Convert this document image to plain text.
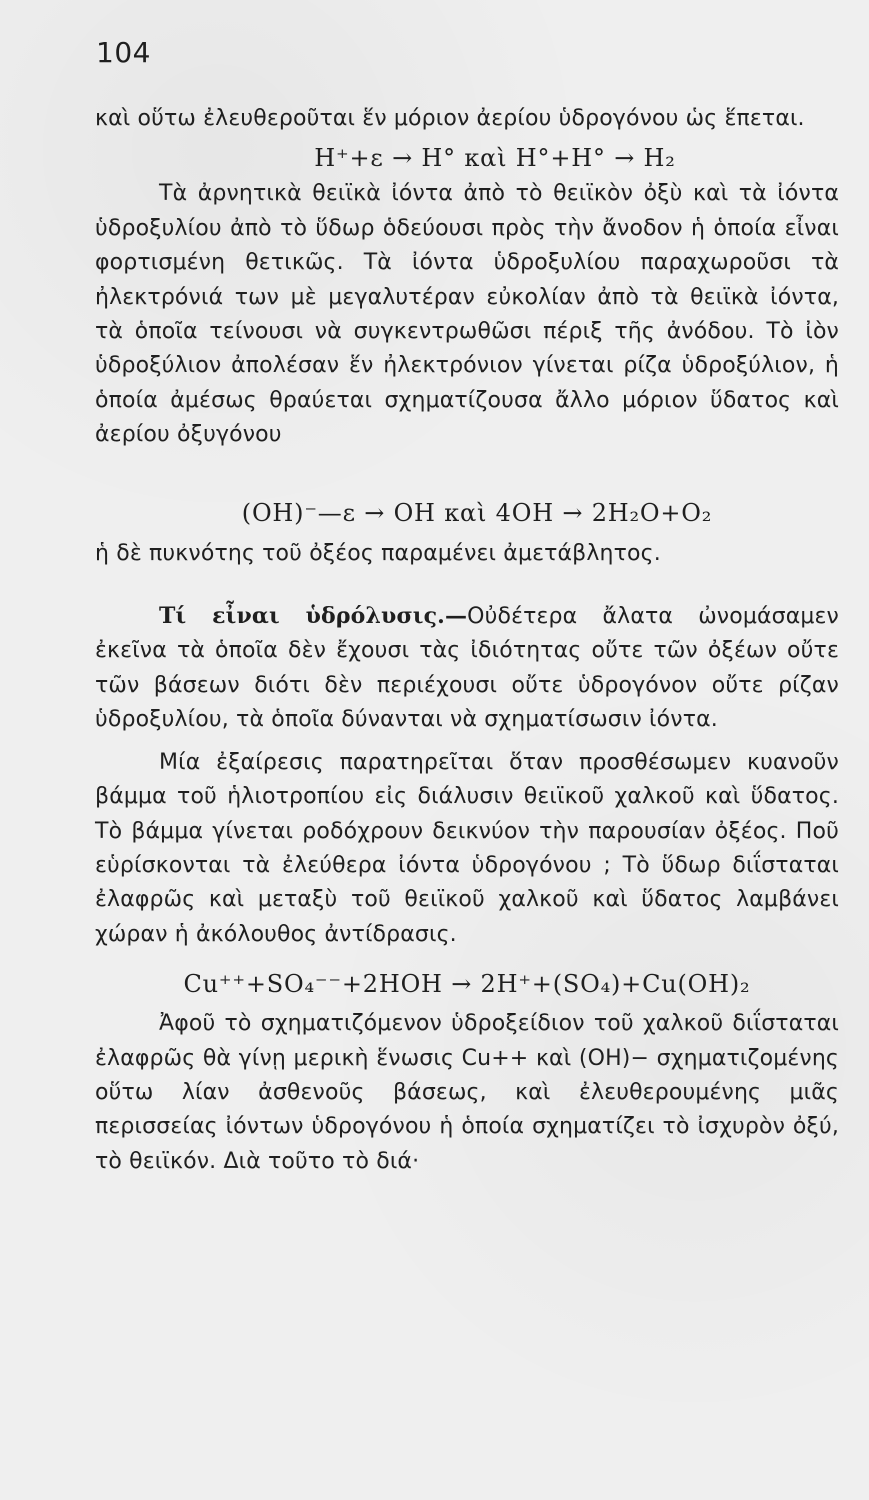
104

καὶ οὕτω ἐλευθεροῦται ἕν μόριον ἀερίου ὑδρογόνου ὡς ἕπεται.

H⁺+ε → H° καὶ H°+H° → H₂

Τὰ ἀρνητικὰ θειϊκὰ ἰόντα ἀπὸ τὸ θειϊκὸν ὀξὺ καὶ τὰ ἰόντα ὑδροξυλίου ἀπὸ τὸ ὕδωρ ὁδεύουσι πρὸς τὴν ἄνοδον ἡ ὁποία εἶναι φορτισμένη θετικῶς. Τὰ ἰόντα ὑδροξυλίου παραχωροῦσι τὰ ἠλεκτρόνιά των μὲ μεγαλυτέραν εὐκολίαν ἀπὸ τὰ θειϊκὰ ἰόντα, τὰ ὁποῖα τείνουσι νὰ συγκεντρωθῶσι πέριξ τῆς ἀνόδου. Τὸ ἰὸν ὑδροξύλιον ἀπολέσαν ἕν ἠλεκτρόνιον γίνεται ρίζα ὑδροξύλιον, ἡ ὁποία ἀμέσως θραύεται σχηματίζουσα ἄλλο μόριον ὕδατος καὶ ἀερίου ὀξυγόνου

(OH)⁻—ε → OH καὶ 4OH → 2H₂O+O₂

ἡ δὲ πυκνότης τοῦ ὀξέος παραμένει ἀμετάβλητος.

Τί εἶναι ὑδρόλυσις.—Οὐδέτερα ἄλατα ὠνομάσαμεν ἐκεῖνα τὰ ὁποῖα δὲν ἔχουσι τὰς ἰδιότητας οὔτε τῶν ὀξέων οὔτε τῶν βάσεων διότι δὲν περιέχουσι οὔτε ὑδρογόνον οὔτε ρίζαν ὑδροξυλίου, τὰ ὁποῖα δύνανται νὰ σχηματίσωσιν ἰόντα.

Μία ἐξαίρεσις παρατηρεῖται ὅταν προσθέσωμεν κυανοῦν βάμμα τοῦ ἡλιοτροπίου εἰς διάλυσιν θειϊκοῦ χαλκοῦ καὶ ὕδατος. Τὸ βάμμα γίνεται ροδόχρουν δεικνύον τὴν παρουσίαν ὀξέος. Ποῦ εὑρίσκονται τὰ ἐλεύθερα ἰόντα ὑδρογόνου ; Τὸ ὕδωρ διΐσταται ἐλαφρῶς καὶ μεταξὺ τοῦ θειϊκοῦ χαλκοῦ καὶ ὕδατος λαμβάνει χώραν ἡ ἀκόλουθος ἀντίδρασις.

Cu⁺⁺+SO₄⁻⁻+2HOH → 2H⁺+(SO₄)+Cu(OH)₂

Ἀφοῦ τὸ σχηματιζόμενον ὑδροξείδιον τοῦ χαλκοῦ διΐσταται ἐλαφρῶς θὰ γίνῃ μερικὴ ἕνωσις Cu++ καὶ (OH)− σχηματιζομένης οὕτω λίαν ἀσθενοῦς βάσεως, καὶ ἐλευθερουμένης μιᾶς περισσείας ἰόντων ὑδρογόνου ἡ ὁποία σχηματίζει τὸ ἰσχυρὸν ὀξύ, τὸ θειϊκόν. Διὰ τοῦτο τὸ διά·
